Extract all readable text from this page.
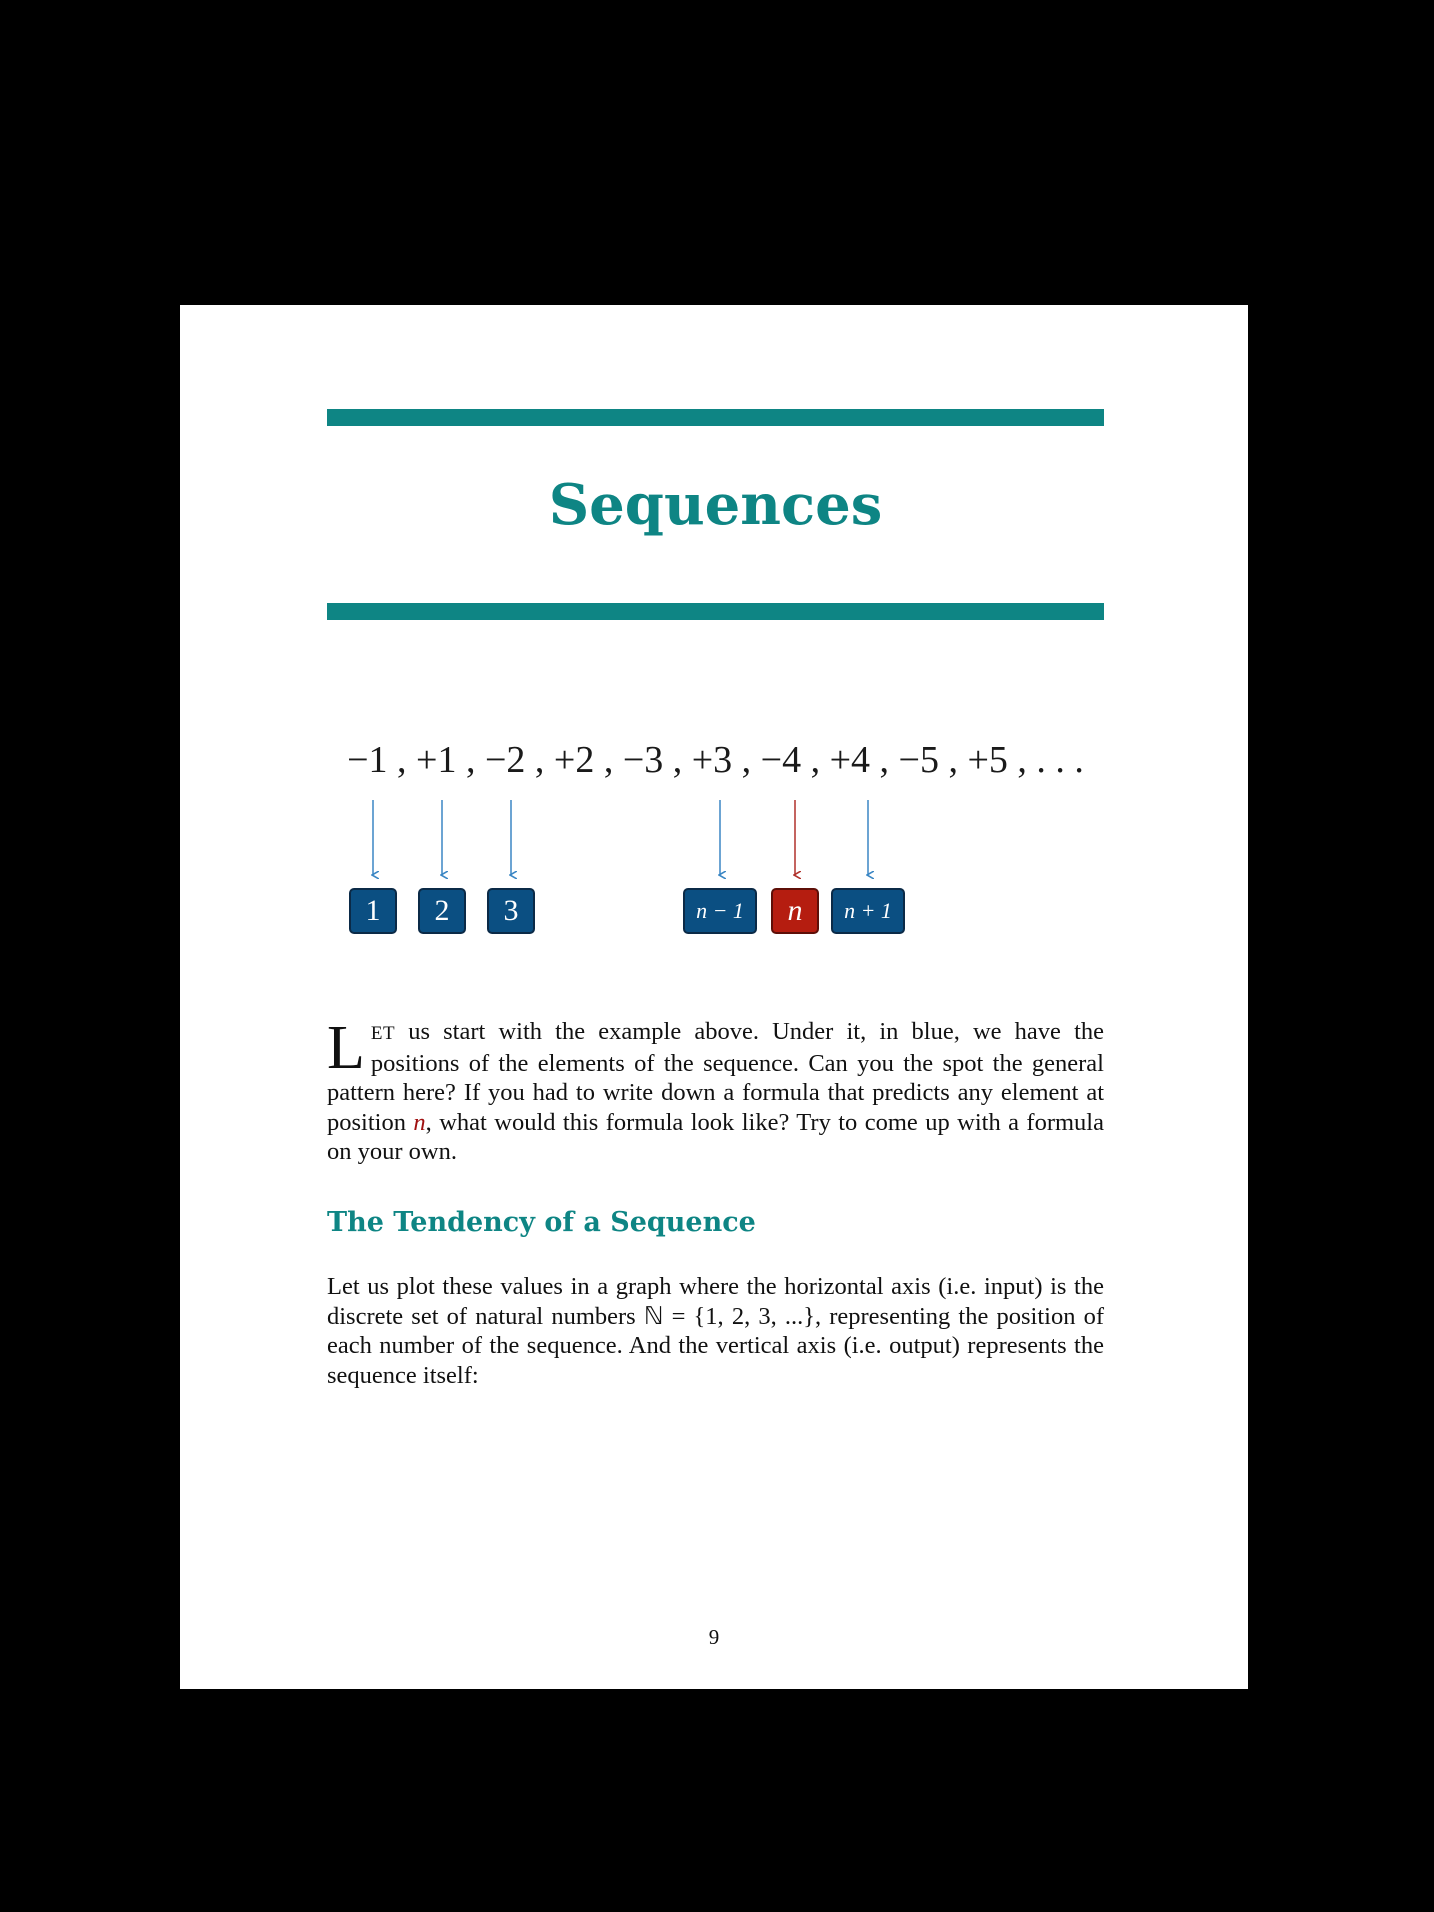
Sequences
−1 , +1 , −2 , +2 , −3 , +3 , −4 , +4 , −5 , +5 , . . .
1	2	3	n − 1	n	n + 1

LET us start with the example above. Under it, in blue, we have the positions of the elements of the sequence. Can you the spot the general pattern here? If you had to write down a formula that predicts any element at position n, what would this formula look like? Try to come up with a formula on your own.

The Tendency of a Sequence

Let us plot these values in a graph where the horizontal axis (i.e. input) is the discrete set of natural numbers ℕ = {1, 2, 3, ...}, representing the position of each number of the sequence. And the vertical axis (i.e. output) represents the sequence itself:

9
